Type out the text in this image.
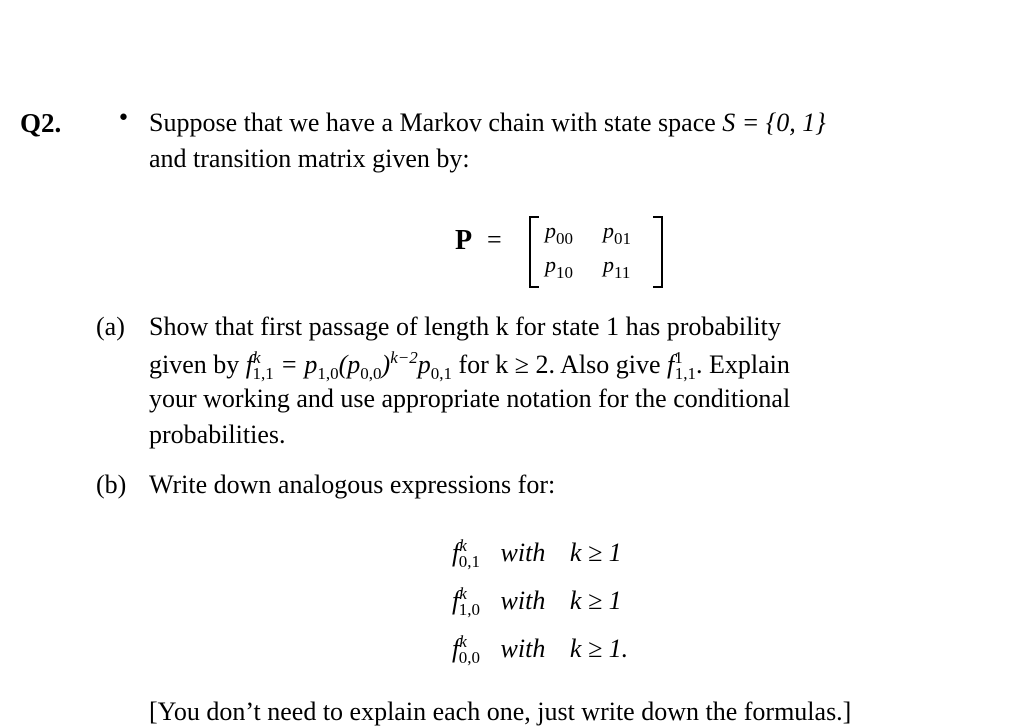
Q2.	• Suppose that we have a Markov chain with state space S = {0, 1}
and transition matrix given by:
$P = p_{00}$ $p_{01}$
$p_{10}$ $p_{11}$
(a) Show that first passage of length k for state 1 has probability
given by $f^k_{1,1} = p_{1,0}(p_{0,0})^{k-2}p_{0,1}$ for k ≥ 2. Also give $f^1_{1,1}$. Explain
your working and use appropriate notation for the conditional
probabilities.
(b) Write down analogous expressions for:
$f^k_{0,1}$ with k ≥ 1
$f^k_{1,0}$ with k ≥ 1
$f^k_{0,0}$ with k ≥ 1.
[You don’t need to explain each one, just write down the formulas.]
